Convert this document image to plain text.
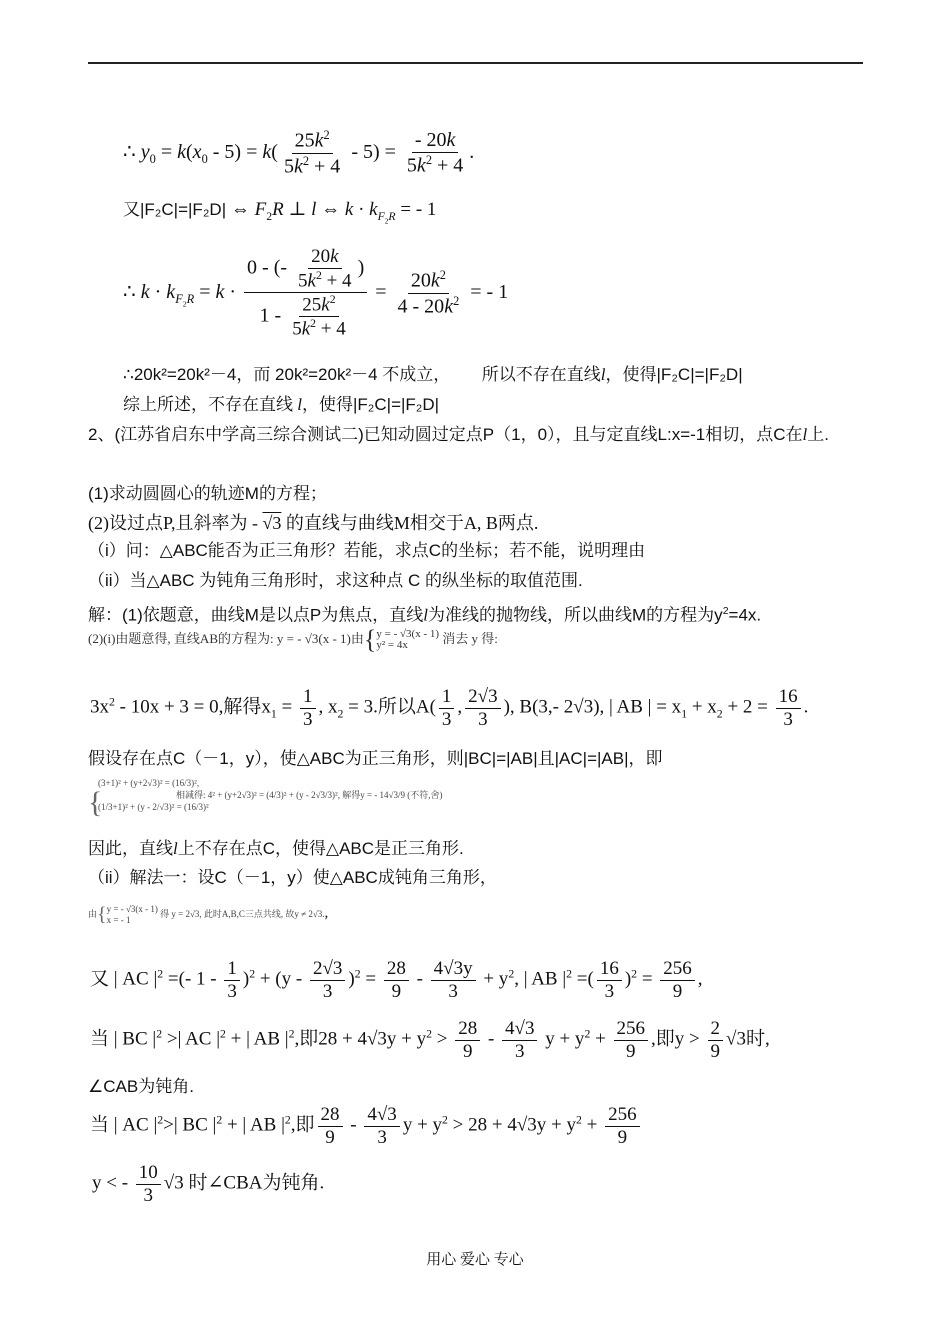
∴ $y_0 = k(x_0 - 5) = k( \frac{25k^2}{5k^2 + 4} - 5) = \frac{- 20k}{5k^2 + 4}$ .
又|F₂C|=|F₂D| ⇔ $F_2R$ ⊥ l ⇔ $k \cdot k_{F_2R}$ = - 1
∴ $k \cdot k_{F_2R} = k \cdot \frac{0 - (- \frac{20k}{5k^2 + 4} )}{1 - \frac{25k^2}{5k^2 + 4}} = \frac{20k^2}{4 - 20k^2}$ = - 1
∴20k²=20k²－4，而 20k²=20k²－4 不成立， 所以不存在直线l，使得|F₂C|=|F₂D|
综上所述，不存在直线 l，使得|F₂C|=|F₂D|
2、(江苏省启东中学高三综合测试二)已知动圆过定点P（1，0），且与定直线L:x=-1相切，点C在l上.
(1)求动圆圆心的轨迹M的方程；
(2)设过点P,且斜率为 - √3 的直线与曲线M相交于A, B两点.
（i）问：△ABC能否为正三角形？若能，求点C的坐标；若不能，说明理由
（ii）当△ABC 为钝角三角形时，求这种点 C 的纵坐标的取值范围.
解：(1)依题意，曲线M是以点P为焦点，直线l为准线的抛物线，所以曲线M的方程为$y^2=4x$.
(2)(i)由题意得, 直线AB的方程为: y = - √3(x - 1)由{y = - √3(x - 1)
y² = 4x 消去 y 得:
$3x^2 - 10x + 3 = 0$,解得$x_1 = \frac{1}{3}$ , $x_2 = 3$.所以$A( \frac{1}{3}$ , $\frac{2√3}{3}$ ), B(3,- 2√3), | AB | = $x_1 + x_2 + 2 = \frac{16}{3}$ .
假设存在点C（－1，y），使△ABC为正三角形，则|BC|=|AB|且|AC|=|AB|，即
{
(3+1)² + (y+2√3)² = (16/3)²,
(1/3+1)² + (y - 2/√3)² = (16/3)²
相减得: 4² + (y+2√3)² = (4/3)² + (y - 2√3/3)², 解得y = - 14√3/9 (不符,舍)
因此，直线l上不存在点C，使得△ABC是正三角形.
（ii）解法一：设C（－1，y）使△ABC成钝角三角形，
由{y = - √3(x - 1)
x = - 1 得 y = 2√3, 此时A,B,C三点共线, 故y ≠ 2√3.,
又 | AC $|^2$ =(- $1 - \frac{1}{3} )^2 + (y - \frac{2√3}{3} )^2 = \frac{28}{9} - \frac{4√3y}{3} + y^2$, | AB $|^2$ =( $\frac{16}{3} )^2 = \frac{256}{9}$ ,
当 | BC $|^2$ >| AC $|^2$ + | AB $|^2$,即$28 + 4√3y + y^2 > \frac{28}{9} - \frac{4√3}{3}$ $y + y^2 + \frac{256}{9}$ ,即$y > \frac{2}{9} √3$时,
∠CAB为钝角.
当 | AC $|^2>|$ BC $|^2$ + | AB $|^2$,即 $\frac{28}{9} - \frac{4√3}{3}$ $y + y^2 > 28 + 4√3y + y^2 + \frac{256}{9}$
y < - $\frac{10}{3} √3$ 时∠CBA为钝角.
用心 爱心 专心
